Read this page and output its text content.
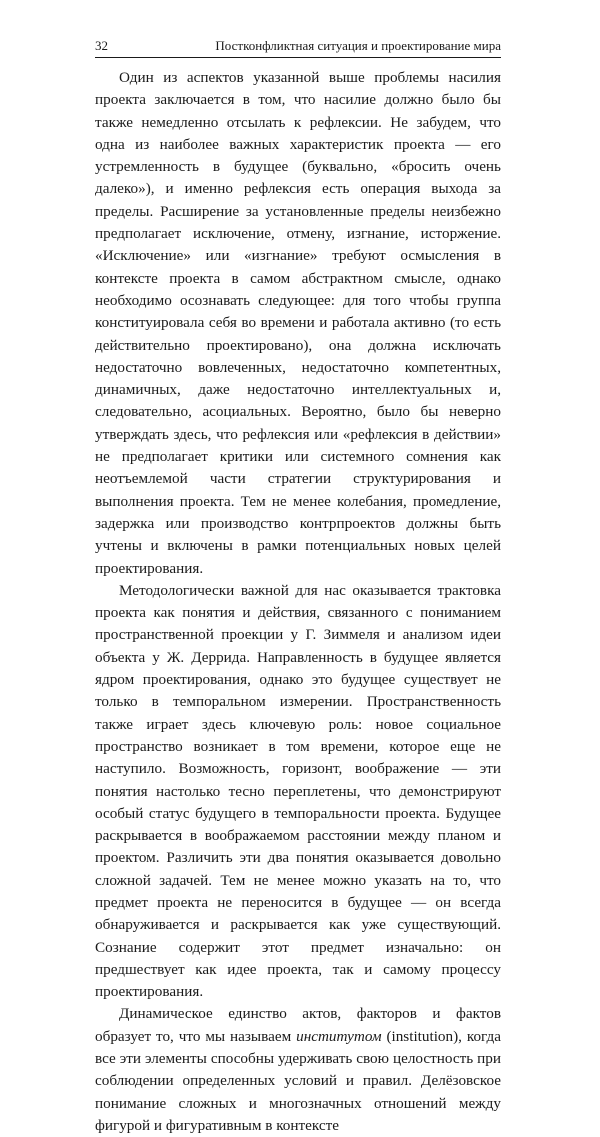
32	Постконфликтная ситуация и проектирование мира

Один из аспектов указанной выше проблемы насилия проекта заключается в том, что насилие должно было бы также немедленно отсылать к рефлексии. Не забудем, что одна из наиболее важных характеристик проекта — его устремленность в будущее (буквально, «бросить очень далеко»), и именно рефлексия есть операция выхода за пределы. Расширение за установленные пределы неизбежно предполагает исключение, отмену, изгнание, исторжение. «Исключение» или «изгнание» требуют осмысления в контексте проекта в самом абстрактном смысле, однако необходимо осознавать следующее: для того чтобы группа конституировала себя во времени и работала активно (то есть действительно проектировано), она должна исключать недостаточно вовлеченных, недостаточно компетентных, динамичных, даже недостаточно интеллектуальных и, следовательно, асоциальных. Вероятно, было бы неверно утверждать здесь, что рефлексия или «рефлексия в действии» не предполагает критики или системного сомнения как неотъемлемой части стратегии структурирования и выполнения проекта. Тем не менее колебания, промедление, задержка или производство контрпроектов должны быть учтены и включены в рамки потенциальных новых целей проектирования.

Методологически важной для нас оказывается трактовка проекта как понятия и действия, связанного с пониманием пространственной проекции у Г. Зиммеля и анализом идеи объекта у Ж. Деррида. Направленность в будущее является ядром проектирования, однако это будущее существует не только в темпоральном измерении. Пространственность также играет здесь ключевую роль: новое социальное пространство возникает в том времени, которое еще не наступило. Возможность, горизонт, воображение — эти понятия настолько тесно переплетены, что демонстрируют особый статус будущего в темпоральности проекта. Будущее раскрывается в воображаемом расстоянии между планом и проектом. Различить эти два понятия оказывается довольно сложной задачей. Тем не менее можно указать на то, что предмет проекта не переносится в будущее — он всегда обнаруживается и раскрывается как уже существующий. Сознание содержит этот предмет изначально: он предшествует как идее проекта, так и самому процессу проектирования.

Динамическое единство актов, факторов и фактов образует то, что мы называем институтом (institution), когда все эти элементы способны удерживать свою целостность при соблюдении определенных условий и правил. Делёзовское понимание сложных и многозначных отношений между фигурой и фигуративным в контексте
